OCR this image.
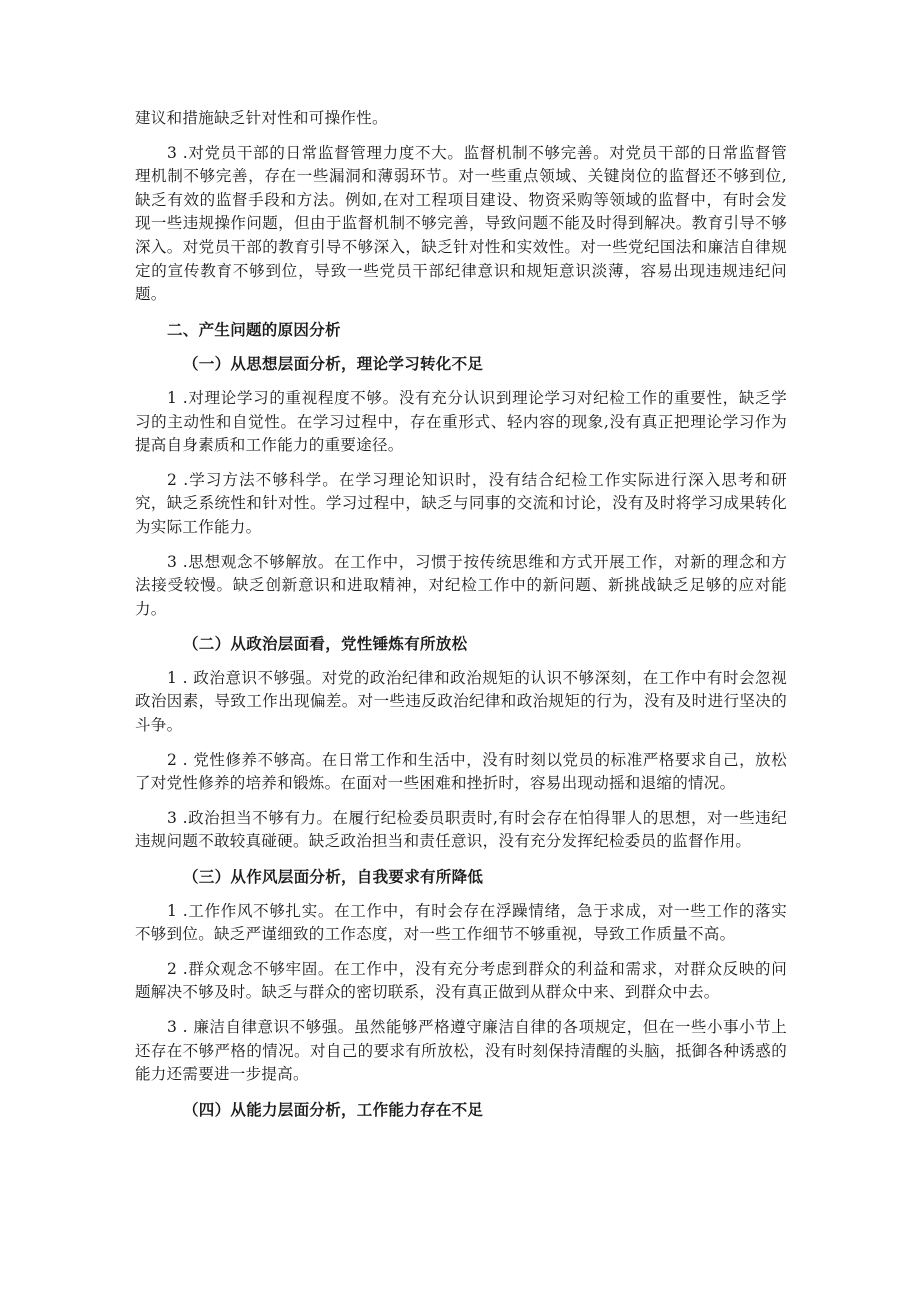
建议和措施缺乏针对性和可操作性。

3 .对党员干部的日常监督管理力度不大。监督机制不够完善。对党员干部的日常监督管理机制不够完善，存在一些漏洞和薄弱环节。对一些重点领域、关键岗位的监督还不够到位,缺乏有效的监督手段和方法。例如,在对工程项目建设、物资采购等领域的监督中，有时会发现一些违规操作问题，但由于监督机制不够完善，导致问题不能及时得到解决。教育引导不够深入。对党员干部的教育引导不够深入，缺乏针对性和实效性。对一些党纪国法和廉洁自律规定的宣传教育不够到位，导致一些党员干部纪律意识和规矩意识淡薄，容易出现违规违纪问题。

二、产生问题的原因分析

（一）从思想层面分析，理论学习转化不足

1 .对理论学习的重视程度不够。没有充分认识到理论学习对纪检工作的重要性，缺乏学习的主动性和自觉性。在学习过程中，存在重形式、轻内容的现象,没有真正把理论学习作为提高自身素质和工作能力的重要途径。

2 .学习方法不够科学。在学习理论知识时，没有结合纪检工作实际进行深入思考和研究，缺乏系统性和针对性。学习过程中，缺乏与同事的交流和讨论，没有及时将学习成果转化为实际工作能力。

3 .思想观念不够解放。在工作中，习惯于按传统思维和方式开展工作，对新的理念和方法接受较慢。缺乏创新意识和进取精神，对纪检工作中的新问题、新挑战缺乏足够的应对能力。

（二）从政治层面看，党性锤炼有所放松

1 . 政治意识不够强。对党的政治纪律和政治规矩的认识不够深刻，在工作中有时会忽视政治因素，导致工作出现偏差。对一些违反政治纪律和政治规矩的行为，没有及时进行坚决的斗争。

2 . 党性修养不够高。在日常工作和生活中，没有时刻以党员的标准严格要求自己，放松了对党性修养的培养和锻炼。在面对一些困难和挫折时，容易出现动摇和退缩的情况。

3 .政治担当不够有力。在履行纪检委员职责时,有时会存在怕得罪人的思想，对一些违纪违规问题不敢较真碰硬。缺乏政治担当和责任意识，没有充分发挥纪检委员的监督作用。

（三）从作风层面分析，自我要求有所降低

1 .工作作风不够扎实。在工作中，有时会存在浮躁情绪，急于求成，对一些工作的落实不够到位。缺乏严谨细致的工作态度，对一些工作细节不够重视，导致工作质量不高。

2 .群众观念不够牢固。在工作中，没有充分考虑到群众的利益和需求，对群众反映的问题解决不够及时。缺乏与群众的密切联系，没有真正做到从群众中来、到群众中去。

3 . 廉洁自律意识不够强。虽然能够严格遵守廉洁自律的各项规定，但在一些小事小节上还存在不够严格的情况。对自己的要求有所放松，没有时刻保持清醒的头脑，抵御各种诱惑的能力还需要进一步提高。

（四）从能力层面分析，工作能力存在不足
